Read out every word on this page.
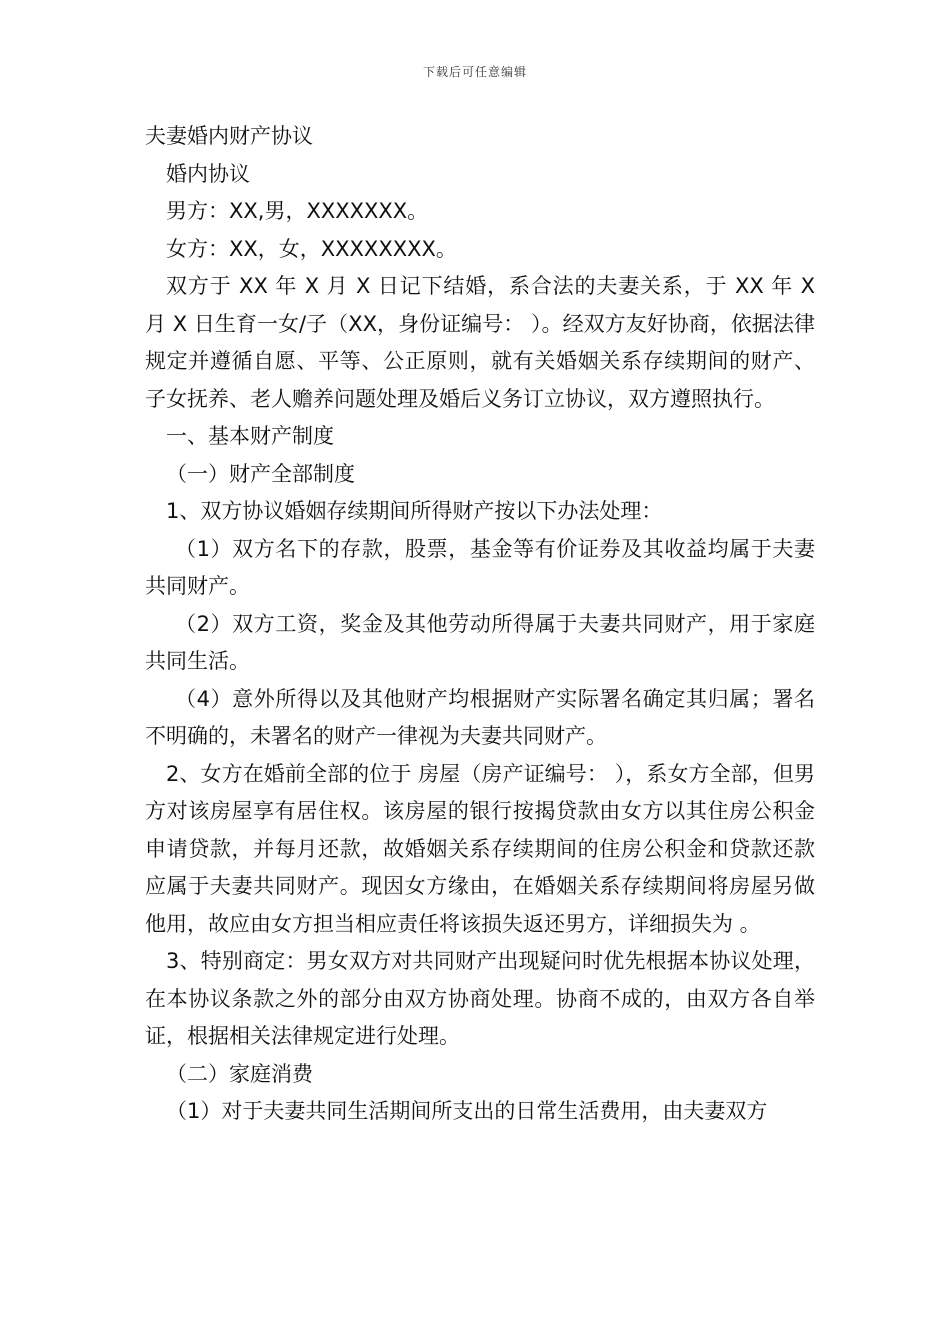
下载后可任意编辑

夫妻婚内财产协议

婚内协议

男方：XX,男，XXXXXXX。

女方：XX，女，XXXXXXXX。

双方于 XX 年 X 月 X 日记下结婚，系合法的夫妻关系，于 XX 年 X 月 X 日生育一女/子（XX，身份证编号： ）。经双方友好协商，依据法律规定并遵循自愿、平等、公正原则，就有关婚姻关系存续期间的财产、子女抚养、老人赡养问题处理及婚后义务订立协议，双方遵照执行。

一、基本财产制度

（一）财产全部制度

1、双方协议婚姻存续期间所得财产按以下办法处理：

（1）双方名下的存款，股票，基金等有价证券及其收益均属于夫妻共同财产。

（2）双方工资，奖金及其他劳动所得属于夫妻共同财产，用于家庭共同生活。

（4）意外所得以及其他财产均根据财产实际署名确定其归属；署名不明确的，未署名的财产一律视为夫妻共同财产。

2、女方在婚前全部的位于 房屋（房产证编号： ），系女方全部，但男方对该房屋享有居住权。该房屋的银行按揭贷款由女方以其住房公积金申请贷款，并每月还款，故婚姻关系存续期间的住房公积金和贷款还款应属于夫妻共同财产。现因女方缘由，在婚姻关系存续期间将房屋另做他用，故应由女方担当相应责任将该损失返还男方，详细损失为 。

3、特别商定：男女双方对共同财产出现疑问时优先根据本协议处理，在本协议条款之外的部分由双方协商处理。协商不成的，由双方各自举证，根据相关法律规定进行处理。

（二）家庭消费

（1）对于夫妻共同生活期间所支出的日常生活费用，由夫妻双方
